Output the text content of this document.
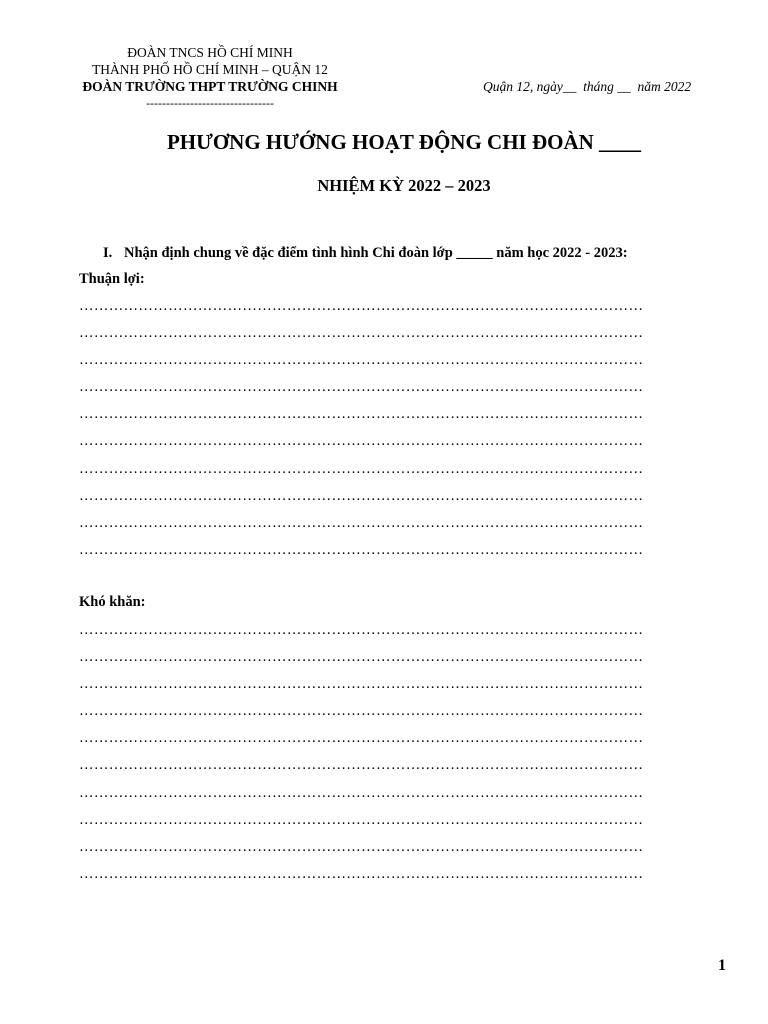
ĐOÀN TNCS HỒ CHÍ MINH
THÀNH PHỐ HỒ CHÍ MINH – QUẬN 12
ĐOÀN TRƯỜNG THPT TRƯỜNG CHINH
--------------------------------
Quận 12, ngày__  tháng __  năm 2022
PHƯƠNG HƯỚNG HOẠT ĐỘNG CHI ĐOÀN ____
NHIỆM KỲ 2022 – 2023
I. Nhận định chung về đặc điểm tình hình Chi đoàn lớp _____ năm học 2022 - 2023:
Thuận lợi:
……………………………………………………………………………………………………
……………………………………………………………………………………………………
……………………………………………………………………………………………………
……………………………………………………………………………………………………
……………………………………………………………………………………………………
……………………………………………………………………………………………………
……………………………………………………………………………………………………
……………………………………………………………………………………………………
……………………………………………………………………………………………………
……………………………………………………………………………………………………
Khó khăn:
……………………………………………………………………………………………………
……………………………………………………………………………………………………
……………………………………………………………………………………………………
……………………………………………………………………………………………………
……………………………………………………………………………………………………
……………………………………………………………………………………………………
……………………………………………………………………………………………………
……………………………………………………………………………………………………
……………………………………………………………………………………………………
……………………………………………………………………………………………………
1
